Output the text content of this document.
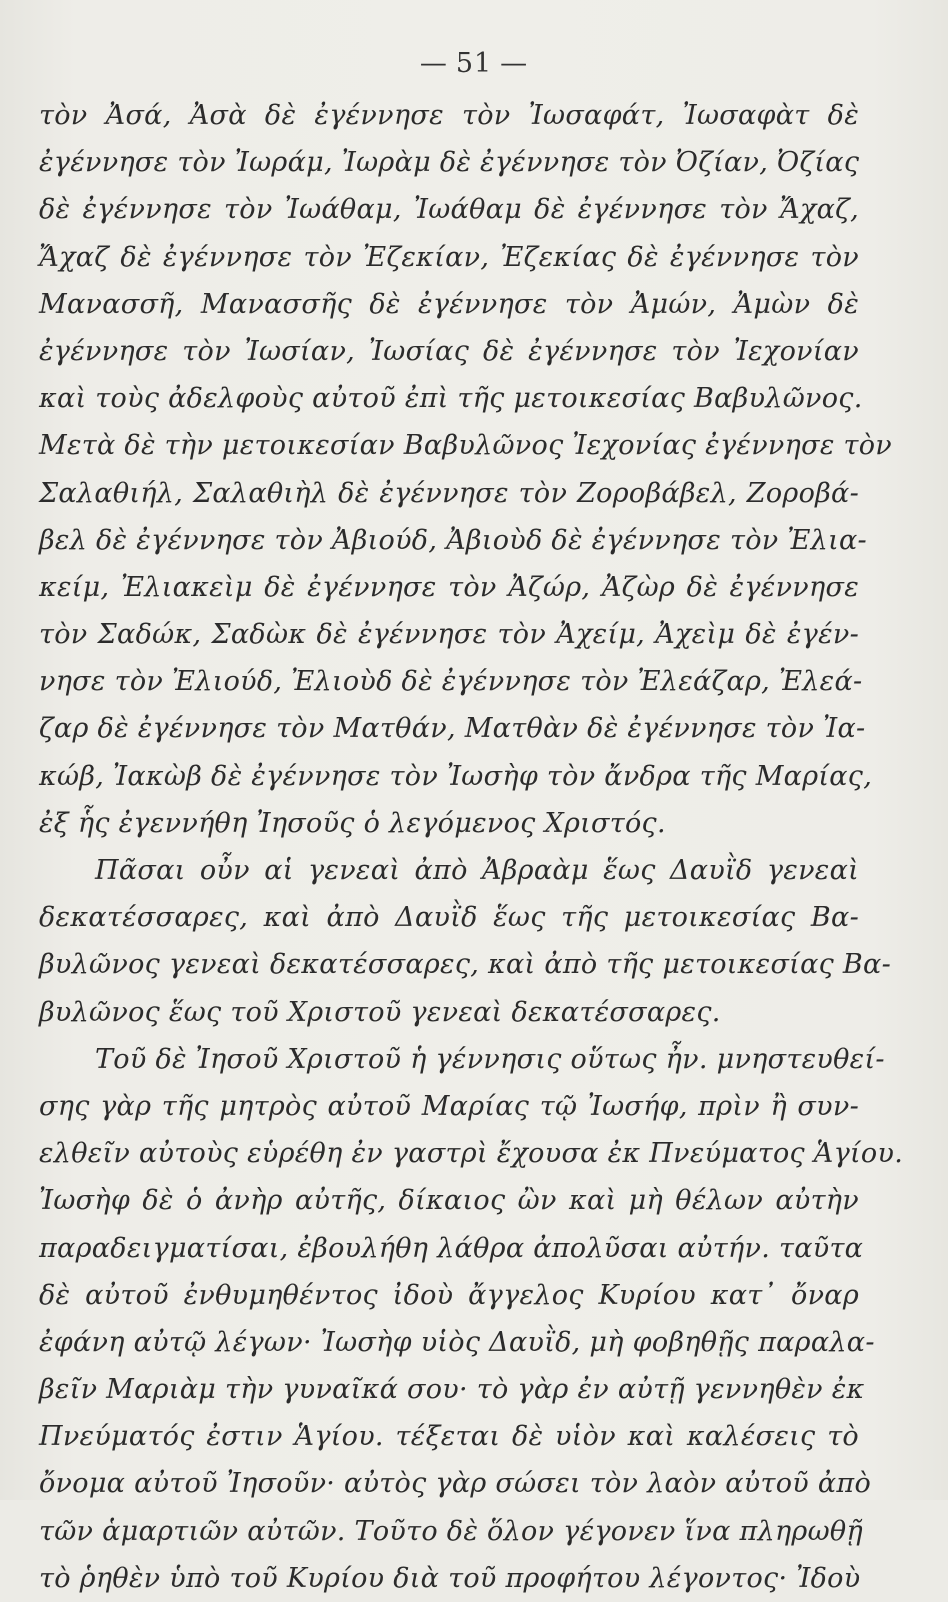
— 51 —
τὸν Ἀσά, Ἀσὰ δὲ ἐγέννησε τὸν Ἰωσαφάτ, Ἰωσαφὰτ δὲ
ἐγέννησε τὸν Ἰωράμ, Ἰωρὰμ δὲ ἐγέννησε τὸν Ὀζίαν, Ὀζίας
δὲ ἐγέννησε τὸν Ἰωάθαμ, Ἰωάθαμ δὲ ἐγέννησε τὸν Ἄχαζ,
Ἄχαζ δὲ ἐγέννησε τὸν Ἐζεκίαν, Ἐζεκίας δὲ ἐγέννησε τὸν
Μανασσῆ, Μανασσῆς δὲ ἐγέννησε τὸν Ἀμών, Ἀμὼν δὲ
ἐγέννησε τὸν Ἰωσίαν, Ἰωσίας δὲ ἐγέννησε τὸν Ἰεχονίαν
καὶ τοὺς ἀδελφοὺς αὐτοῦ ἐπὶ τῆς μετοικεσίας Βαβυλῶνος.
Μετὰ δὲ τὴν μετοικεσίαν Βαβυλῶνος Ἰεχονίας ἐγέννησε τὸν
Σαλαθιήλ, Σαλαθιὴλ δὲ ἐγέννησε τὸν Ζοροβάβελ, Ζοροβά-
βελ δὲ ἐγέννησε τὸν Ἀβιούδ, Ἀβιοὺδ δὲ ἐγέννησε τὸν Ἐλια-
κείμ, Ἐλιακεὶμ δὲ ἐγέννησε τὸν Ἀζώρ, Ἀζὼρ δὲ ἐγέννησε
τὸν Σαδώκ, Σαδὼκ δὲ ἐγέννησε τὸν Ἀχείμ, Ἀχεὶμ δὲ ἐγέν-
νησε τὸν Ἐλιούδ, Ἐλιοὺδ δὲ ἐγέννησε τὸν Ἐλεάζαρ, Ἐλεά-
ζαρ δὲ ἐγέννησε τὸν Ματθάν, Ματθὰν δὲ ἐγέννησε τὸν Ἰα-
κώβ, Ἰακὼβ δὲ ἐγέννησε τὸν Ἰωσὴφ τὸν ἄνδρα τῆς Μαρίας,
ἐξ ἧς ἐγεννήθη Ἰησοῦς ὁ λεγόμενος Χριστός.
Πᾶσαι οὖν αἱ γενεαὶ ἀπὸ Ἀβραὰμ ἕως Δαυῒδ γενεαὶ
δεκατέσσαρες, καὶ ἀπὸ Δαυῒδ ἕως τῆς μετοικεσίας Βα-
βυλῶνος γενεαὶ δεκατέσσαρες, καὶ ἀπὸ τῆς μετοικεσίας Βα-
βυλῶνος ἕως τοῦ Χριστοῦ γενεαὶ δεκατέσσαρες.
Τοῦ δὲ Ἰησοῦ Χριστοῦ ἡ γέννησις οὕτως ἦν. μνηστευθεί-
σης γὰρ τῆς μητρὸς αὐτοῦ Μαρίας τῷ Ἰωσήφ, πρὶν ἢ συν-
ελθεῖν αὐτοὺς εὑρέθη ἐν γαστρὶ ἔχουσα ἐκ Πνεύματος Ἁγίου.
Ἰωσὴφ δὲ ὁ ἀνὴρ αὐτῆς, δίκαιος ὢν καὶ μὴ θέλων αὐτὴν
παραδειγματίσαι, ἐβουλήθη λάθρα ἀπολῦσαι αὐτήν. ταῦτα
δὲ αὐτοῦ ἐνθυμηθέντος ἰδοὺ ἄγγελος Κυρίου κατ᾽ ὄναρ
ἐφάνη αὐτῷ λέγων· Ἰωσὴφ υἱὸς Δαυῒδ, μὴ φοβηθῇς παραλα-
βεῖν Μαριὰμ τὴν γυναῖκά σου· τὸ γὰρ ἐν αὐτῇ γεννηθὲν ἐκ
Πνεύματός ἐστιν Ἁγίου. τέξεται δὲ υἱὸν καὶ καλέσεις τὸ
ὄνομα αὐτοῦ Ἰησοῦν· αὐτὸς γὰρ σώσει τὸν λαὸν αὐτοῦ ἀπὸ
τῶν ἁμαρτιῶν αὐτῶν. Τοῦτο δὲ ὅλον γέγονεν ἵνα πληρωθῇ
τὸ ῥηθὲν ὑπὸ τοῦ Κυρίου διὰ τοῦ προφήτου λέγοντος· Ἰδοὺ
